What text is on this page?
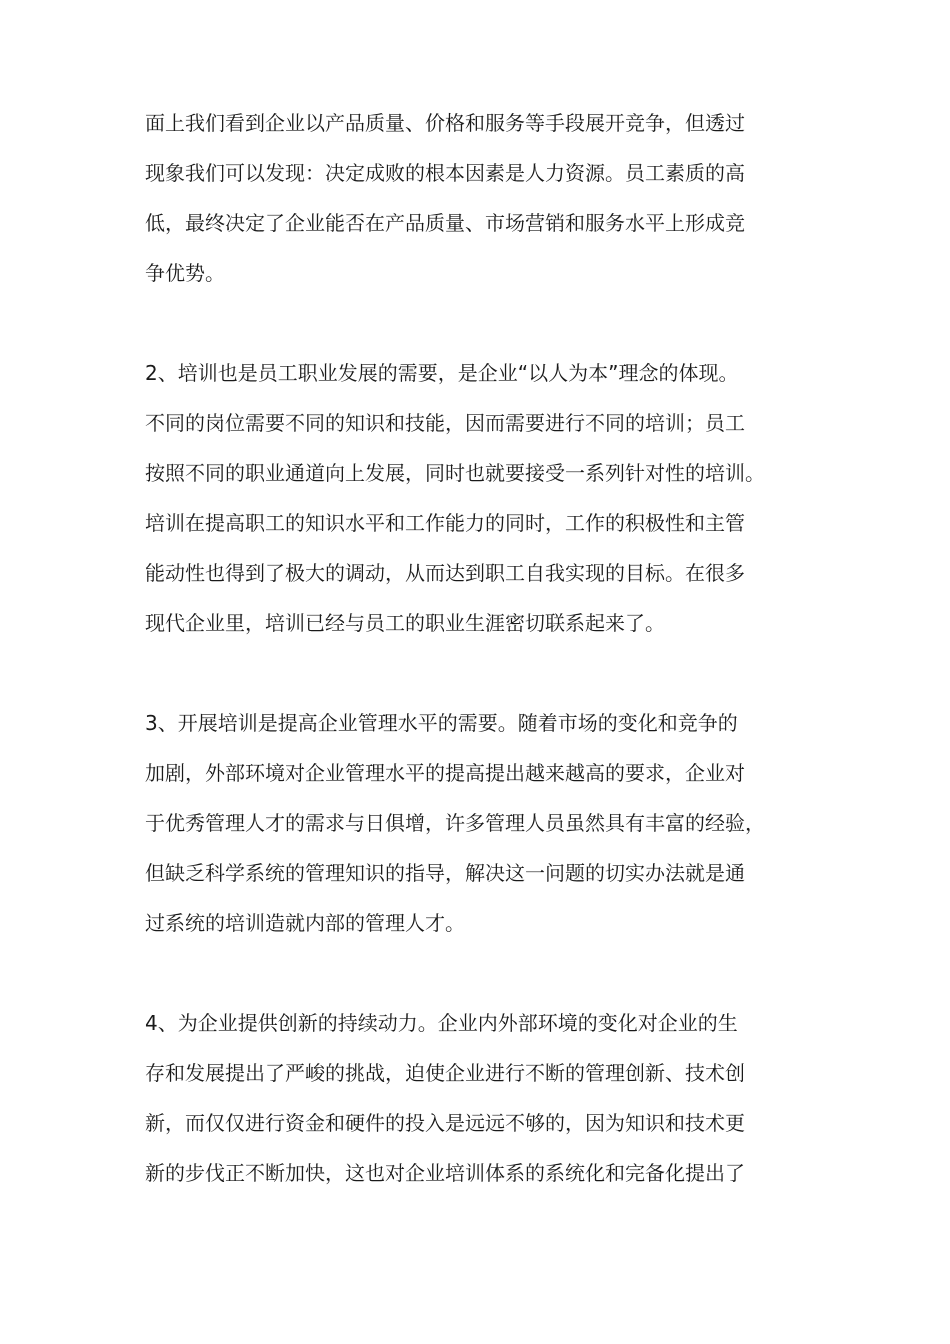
面上我们看到企业以产品质量、价格和服务等手段展开竞争，但透过
现象我们可以发现：决定成败的根本因素是人力资源。员工素质的高
低，最终决定了企业能否在产品质量、市场营销和服务水平上形成竞
争优势。

2、培训也是员工职业发展的需要，是企业“以人为本”理念的体现。
不同的岗位需要不同的知识和技能，因而需要进行不同的培训；员工
按照不同的职业通道向上发展，同时也就要接受一系列针对性的培训。
培训在提高职工的知识水平和工作能力的同时，工作的积极性和主管
能动性也得到了极大的调动，从而达到职工自我实现的目标。在很多
现代企业里，培训已经与员工的职业生涯密切联系起来了。

3、开展培训是提高企业管理水平的需要。随着市场的变化和竞争的
加剧，外部环境对企业管理水平的提高提出越来越高的要求，企业对
于优秀管理人才的需求与日俱增，许多管理人员虽然具有丰富的经验，
但缺乏科学系统的管理知识的指导，解决这一问题的切实办法就是通
过系统的培训造就内部的管理人才。

4、为企业提供创新的持续动力。企业内外部环境的变化对企业的生
存和发展提出了严峻的挑战，迫使企业进行不断的管理创新、技术创
新，而仅仅进行资金和硬件的投入是远远不够的，因为知识和技术更
新的步伐正不断加快，这也对企业培训体系的系统化和完备化提出了
